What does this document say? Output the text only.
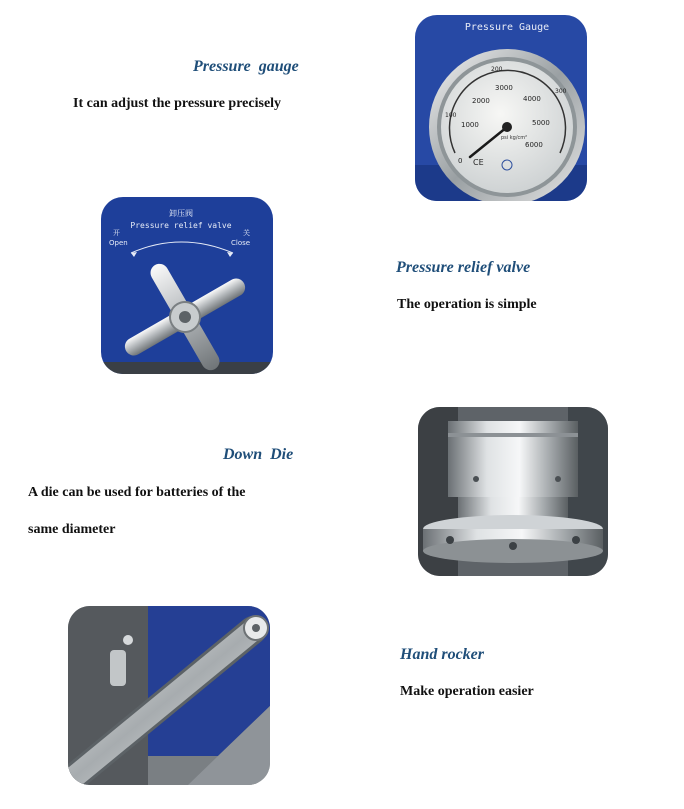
Pressure  gauge
It can adjust the pressure precisely
Pressure Gauge
0
1000
2000
3000
4000
5000
6000
100
200
300
psi kg/cm²
CE
卸压阀
Pressure relief valve
开
Open
关
Close
Pressure relief valve
The operation is simple
Down  Die
A die can be used for batteries of the
same diameter
Hand rocker
Make operation easier
